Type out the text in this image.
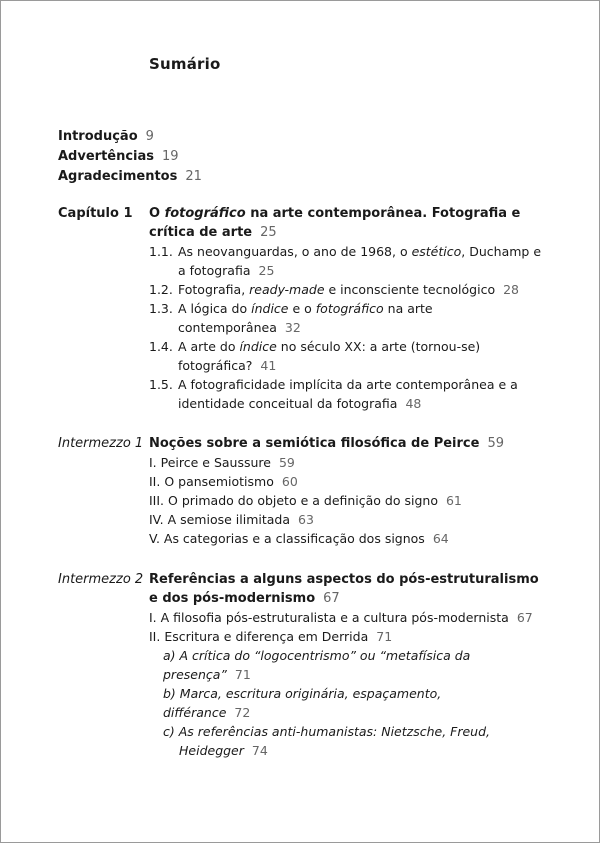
Sumário
Introdução 9
Advertências 19
Agradecimentos 21
Capítulo 1 O fotográfico na arte contemporânea. Fotografia e crítica de arte 25
1.1. As neovanguardas, o ano de 1968, o estético, Duchamp e a fotografia 25
1.2. Fotografia, ready-made e inconsciente tecnológico 28
1.3. A lógica do índice e o fotográfico na arte contemporânea 32
1.4. A arte do índice no século XX: a arte (tornou-se) fotográfica? 41
1.5. A fotograficidade implícita da arte contemporânea e a identidade conceitual da fotografia 48
Intermezzo 1 Noções sobre a semiótica filosófica de Peirce 59
I. Peirce e Saussure 59
II. O pansemiotismo 60
III. O primado do objeto e a definição do signo 61
IV. A semiose ilimitada 63
V. As categorias e a classificação dos signos 64
Intermezzo 2 Referências a alguns aspectos do pós-estruturalismo e dos pós-modernismo 67
I. A filosofia pós-estruturalista e a cultura pós-modernista 67
II. Escritura e diferença em Derrida 71
a) A crítica do “logocentrismo” ou “metafísica da presença” 71
b) Marca, escritura originária, espaçamento, différance 72
c) As referências anti-humanistas: Nietzsche, Freud,
Heidegger 74
